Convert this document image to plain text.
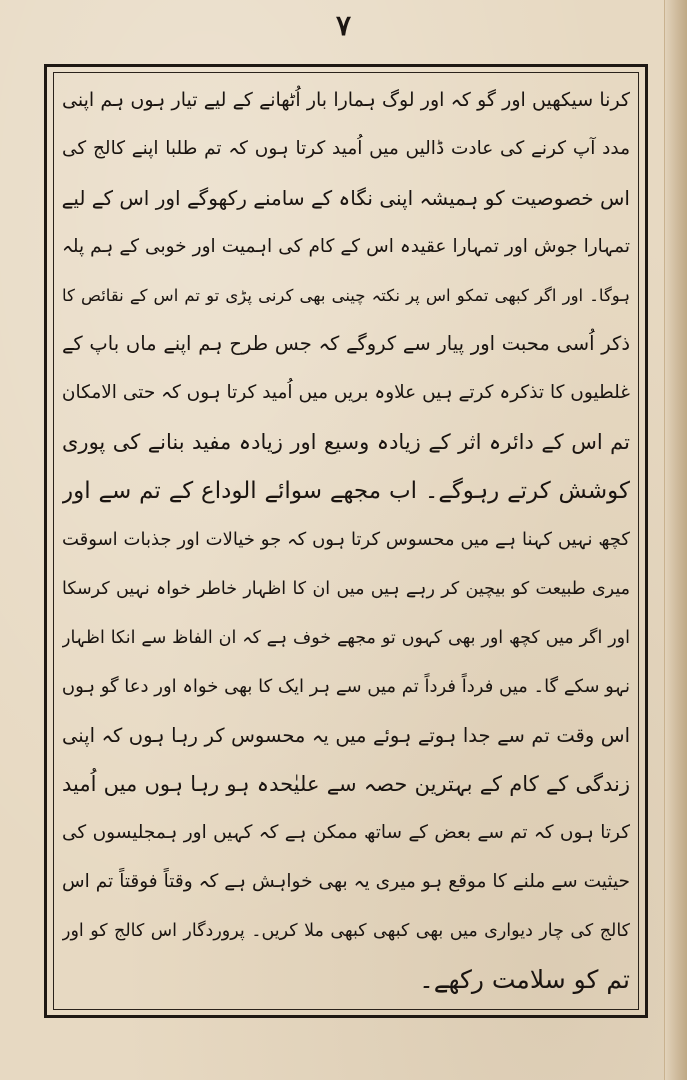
۷
کرنا سیکھیں اور گو کہ اور لوگ ہمارا بار اُٹھانے کے لیے تیار ہوں ہم اپنی
مدد آپ کرنے کی عادت ڈالیں میں اُمید کرتا ہوں کہ تم طلبا اپنے کالج کی
اس خصوصیت کو ہمیشہ اپنی نگاہ کے سامنے رکھوگے اور اس کے لیے
تمہارا جوش اور تمہارا عقیدہ اس کے کام کی اہمیت اور خوبی کے ہم پلہ
ہوگا۔ اور اگر کبھی تمکو اس پر نکتہ چینی بھی کرنی پڑی تو تم اس کے نقائص کا
ذکر اُسی محبت اور پیار سے کروگے کہ جس طرح ہم اپنے ماں باپ کے
غلطیوں کا تذکرہ کرتے ہیں علاوہ بریں میں اُمید کرتا ہوں کہ حتی الامکان
تم اس کے دائرہ اثر کے زیادہ وسیع اور زیادہ مفید بنانے کی پوری
کوشش کرتے رہوگے۔ اب مجھے سوائے الوداع کے تم سے اور
کچھ نہیں کہنا ہے میں محسوس کرتا ہوں کہ جو خیالات اور جذبات اسوقت
میری طبیعت کو بیچین کر رہے ہیں میں ان کا اظہار خاطر خواہ نہیں کرسکا
اور اگر میں کچھ اور بھی کہوں تو مجھے خوف ہے کہ ان الفاظ سے انکا اظہار
نہو سکے گا۔ میں فرداً فرداً تم میں سے ہر ایک کا بھی خواہ اور دعا گو ہوں
اس وقت تم سے جدا ہوتے ہوئے میں یہ محسوس کر رہا ہوں کہ اپنی
زندگی کے کام کے بہترین حصہ سے علیٰحدہ ہو رہا ہوں میں اُمید
کرتا ہوں کہ تم سے بعض کے ساتھ ممکن ہے کہ کہیں اور ہمجلیسوں کی
حیثیت سے ملنے کا موقع ہو میری یہ بھی خواہش ہے کہ وقتاً فوقتاً تم اس
کالج کی چار دیواری میں بھی کبھی کبھی ملا کریں۔ پروردگار اس کالج کو اور
تم کو سلامت رکھے۔
